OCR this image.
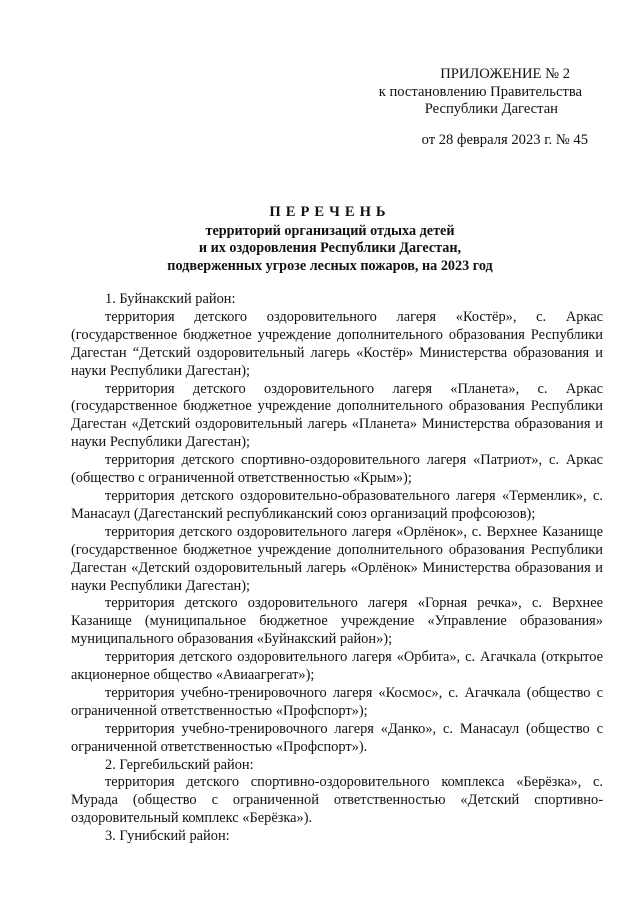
ПРИЛОЖЕНИЕ № 2
к постановлению Правительства
Республики Дагестан
от 28 февраля 2023 г. № 45
ПЕРЕЧЕНЬ
территорий организаций отдыха детей
и их оздоровления Республики Дагестан,
подверженных угрозе лесных пожаров, на 2023 год

1. Буйнакский район:

территория детского оздоровительного лагеря «Костёр», с. Аркас (государственное бюджетное учреждение дополнительного образования Республики Дагестан “Детский оздоровительный лагерь «Костёр» Министерства образования и науки Республики Дагестан);

территория детского оздоровительного лагеря «Планета», с. Аркас (государственное бюджетное учреждение дополнительного образования Республики Дагестан «Детский оздоровительный лагерь «Планета» Министерства образования и науки Республики Дагестан);

территория детского спортивно-оздоровительного лагеря «Патриот», с. Аркас (общество с ограниченной ответственностью «Крым»);

территория детского оздоровительно-образовательного лагеря «Терменлик», с. Манасаул (Дагестанский республиканский союз организаций профсоюзов);

территория детского оздоровительного лагеря «Орлёнок», с. Верхнее Казанище (государственное бюджетное учреждение дополнительного образования Республики Дагестан «Детский оздоровительный лагерь «Орлёнок» Министерства образования и науки Республики Дагестан);

территория детского оздоровительного лагеря «Горная речка», с. Верхнее Казанище (муниципальное бюджетное учреждение «Управление образования» муниципального образования «Буйнакский район»);

территория детского оздоровительного лагеря «Орбита», с. Агачкала (открытое акционерное общество «Авиаагрегат»);

территория учебно-тренировочного лагеря «Космос», с. Агачкала (общество с ограниченной ответственностью «Профспорт»);

территория учебно-тренировочного лагеря «Данко», с. Манасаул (общество с ограниченной ответственностью «Профспорт»).

2. Гергебильский район:

территория детского спортивно-оздоровительного комплекса «Берёзка», с. Мурада (общество с ограниченной ответственностью «Детский спортивно-оздоровительный комплекс «Берёзка»).

3. Гунибский район:
